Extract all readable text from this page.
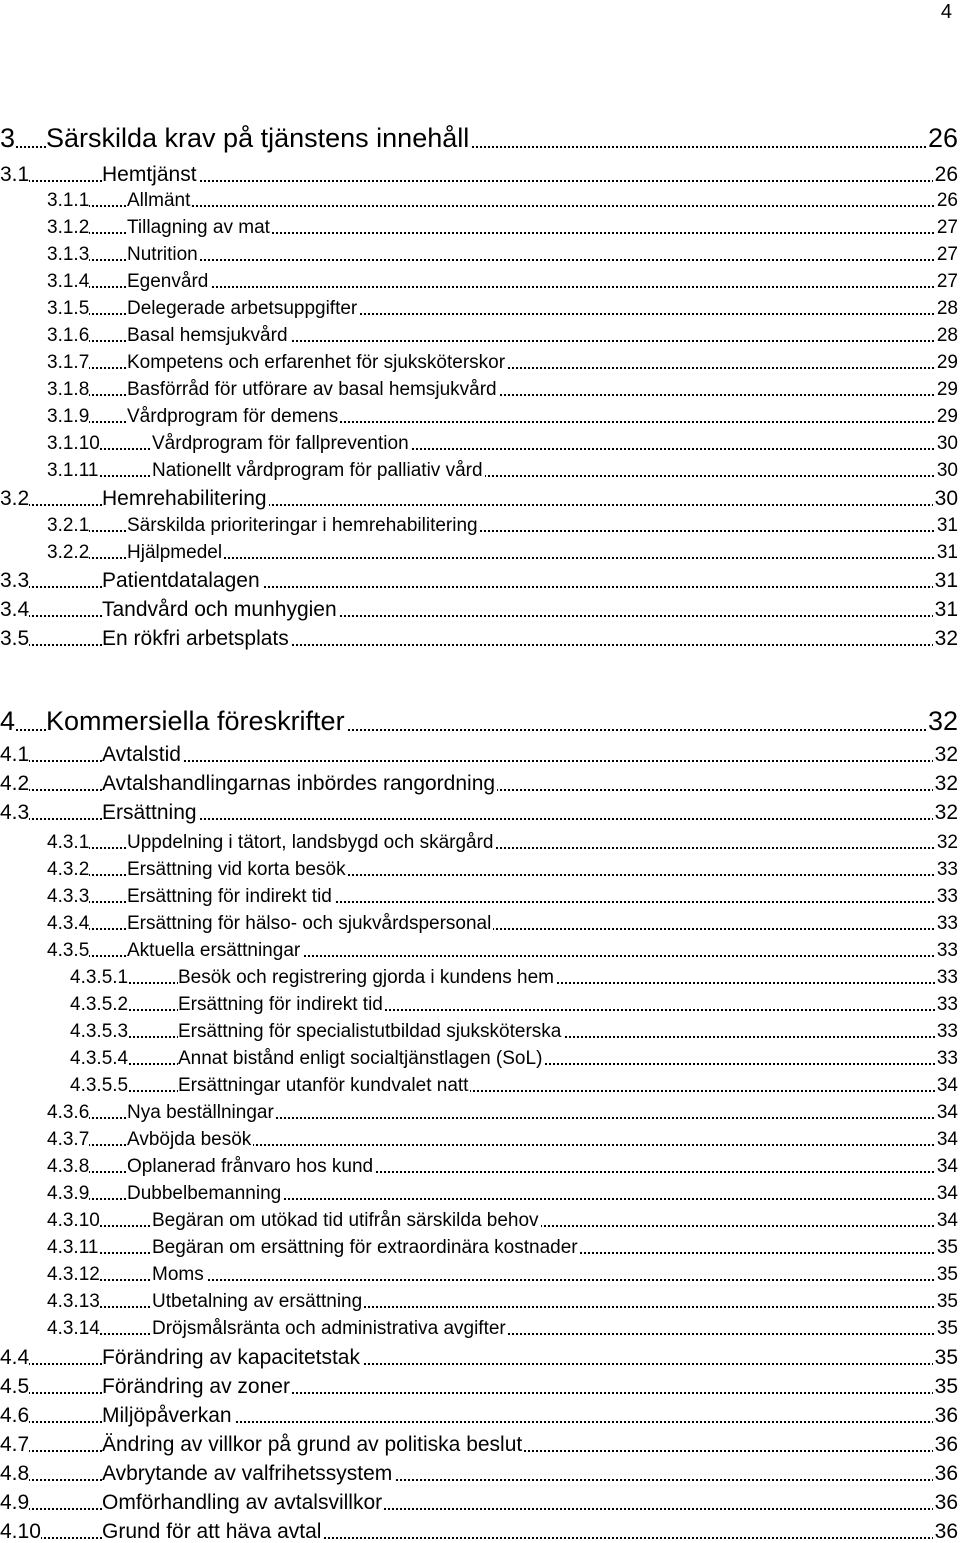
4
3 Särskilda krav på tjänstens innehåll	26
3.1	Hemtjänst	26
3.1.1 Allmänt	26
3.1.2 Tillagning av mat	27
3.1.3 Nutrition	27
3.1.4 Egenvård	27
3.1.5 Delegerade arbetsuppgifter	28
3.1.6 Basal hemsjukvård	28
3.1.7 Kompetens och erfarenhet för sjuksköterskor	29
3.1.8 Basförråd för utförare av basal hemsjukvård	29
3.1.9 Vårdprogram för demens	29
3.1.10	Vårdprogram för fallprevention	30
3.1.11	Nationellt vårdprogram för palliativ vård	30
3.2	Hemrehabilitering	30
3.2.1 Särskilda prioriteringar i hemrehabilitering	31
3.2.2 Hjälpmedel	31
3.3	Patientdatalagen	31
3.4	Tandvård och munhygien	31
3.5	En rökfri arbetsplats	32
4 Kommersiella föreskrifter	32
4.1	Avtalstid	32
4.2	Avtalshandlingarnas inbördes rangordning	32
4.3	Ersättning	32
4.3.1 Uppdelning i tätort, landsbygd och skärgård	32
4.3.2 Ersättning vid korta besök	33
4.3.3 Ersättning för indirekt tid	33
4.3.4 Ersättning för hälso- och sjukvårdspersonal	33
4.3.5 Aktuella ersättningar	33
4.3.5.1	Besök och registrering gjorda i kundens hem	33
4.3.5.2	Ersättning för indirekt tid	33
4.3.5.3	Ersättning för specialistutbildad sjuksköterska	33
4.3.5.4	Annat bistånd enligt socialtjänstlagen (SoL)	33
4.3.5.5	Ersättningar utanför kundvalet natt	34
4.3.6 Nya beställningar	34
4.3.7 Avböjda besök	34
4.3.8 Oplanerad frånvaro hos kund	34
4.3.9 Dubbelbemanning	34
4.3.10	Begäran om utökad tid utifrån särskilda behov	34
4.3.11	Begäran om ersättning för extraordinära kostnader	35
4.3.12	Moms	35
4.3.13	Utbetalning av ersättning	35
4.3.14	Dröjsmålsränta och administrativa avgifter	35
4.4	Förändring av kapacitetstak	35
4.5	Förändring av zoner	35
4.6	Miljöpåverkan	36
4.7	Ändring av villkor på grund av politiska beslut	36
4.8	Avbrytande av valfrihetssystem	36
4.9	Omförhandling av avtalsvillkor	36
4.10	Grund för att häva avtal	36
